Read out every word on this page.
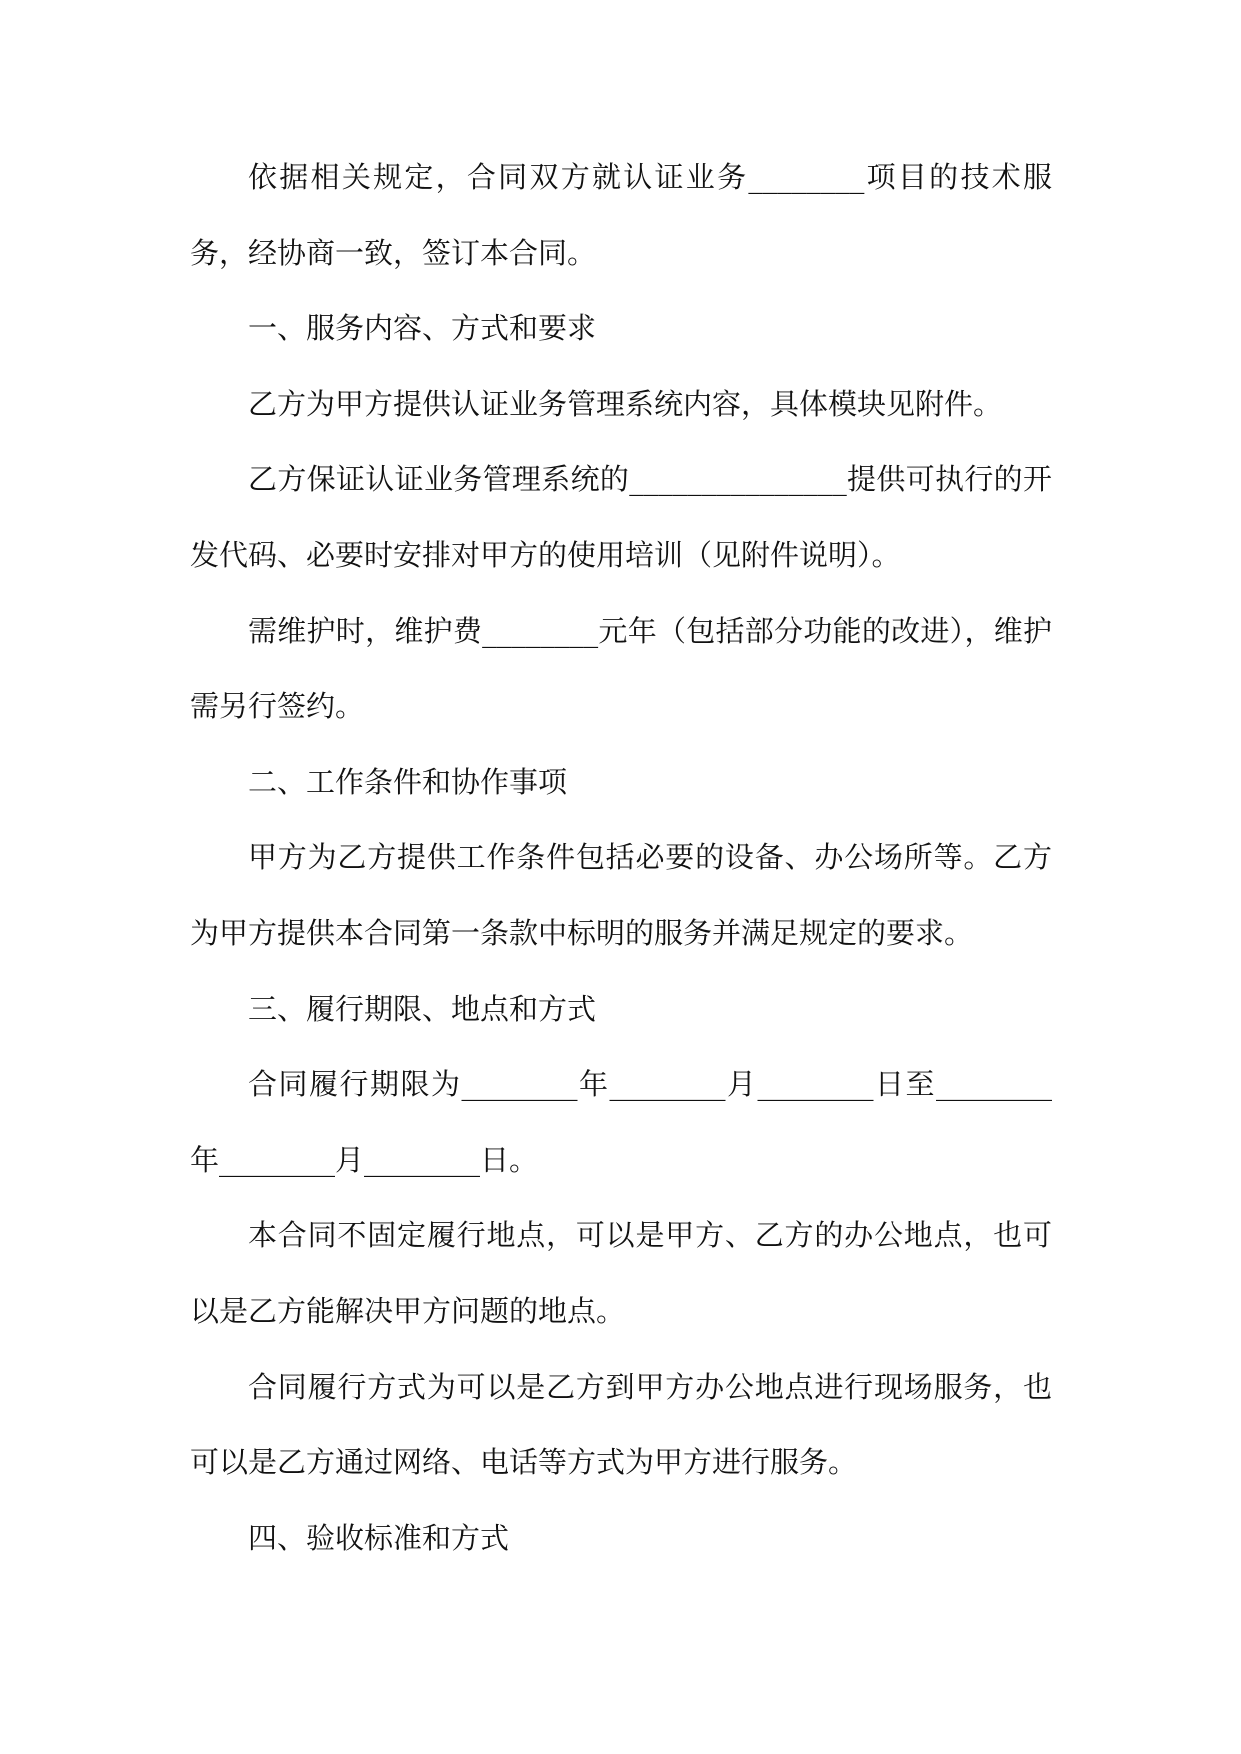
依据相关规定，合同双方就认证业务________项目的技术服务，经协商一致，签订本合同。

一、服务内容、方式和要求

乙方为甲方提供认证业务管理系统内容，具体模块见附件。

乙方保证认证业务管理系统的_______________提供可执行的开发代码、必要时安排对甲方的使用培训（见附件说明）。

需维护时，维护费________元年（包括部分功能的改进），维护需另行签约。

二、工作条件和协作事项

甲方为乙方提供工作条件包括必要的设备、办公场所等。乙方为甲方提供本合同第一条款中标明的服务并满足规定的要求。

三、履行期限、地点和方式

合同履行期限为________年________月________日至________年________月________日。

本合同不固定履行地点，可以是甲方、乙方的办公地点，也可以是乙方能解决甲方问题的地点。

合同履行方式为可以是乙方到甲方办公地点进行现场服务，也可以是乙方通过网络、电话等方式为甲方进行服务。

四、验收标准和方式
